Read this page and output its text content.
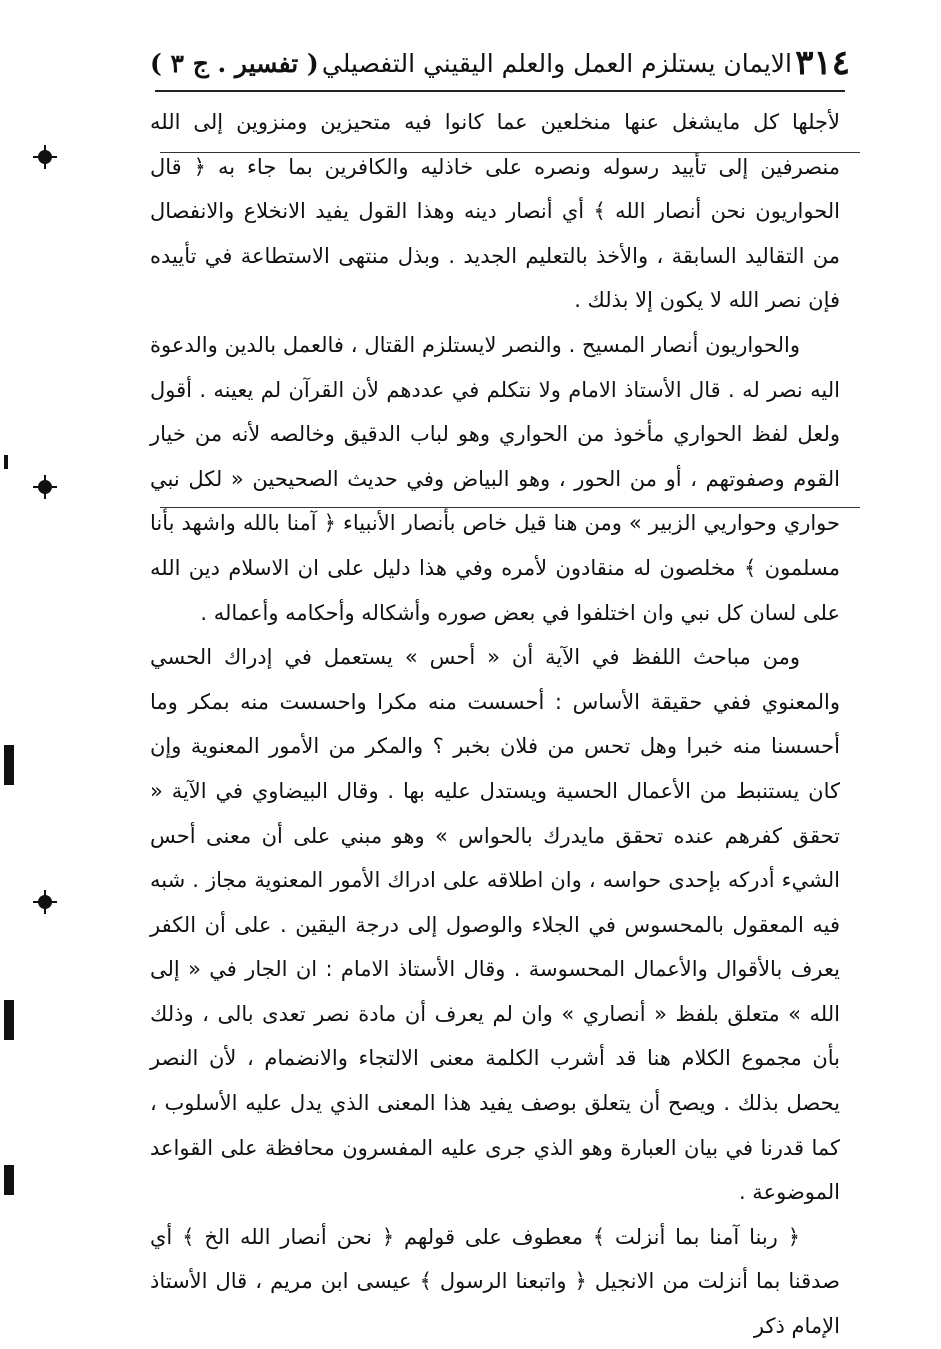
٣١٤
الايمان يستلزم العمل والعلم اليقيني التفصيلي
( تفسير . ج ٣ )

لأجلها كل مايشغل عنها منخلعين عما كانوا فيه متحيزين ومنزوين إلى الله منصرفين إلى تأييد رسوله ونصره على خاذليه والكافرين بما جاء به ﴿ قال الحواريون نحن أنصار الله ﴾ أي أنصار دينه وهذا القول يفيد الانخلاع والانفصال من التقاليد السابقة ، والأخذ بالتعليم الجديد . وبذل منتهى الاستطاعة في تأييده فإن نصر الله لا يكون إلا بذلك .

والحواريون أنصار المسيح . والنصر لايستلزم القتال ، فالعمل بالدين والدعوة اليه نصر له . قال الأستاذ الامام ولا نتكلم في عددهم لأن القرآن لم يعينه . أقول ولعل لفظ الحواري مأخوذ من الحواري وهو لباب الدقيق وخالصه لأنه من خيار القوم وصفوتهم ، أو من الحور ، وهو البياض وفي حديث الصحيحين « لكل نبي حواري وحواريي الزبير » ومن هنا قيل خاص بأنصار الأنبياء ﴿ آمنا بالله واشهد بأنا مسلمون ﴾ مخلصون له منقادون لأمره وفي هذا دليل على ان الاسلام دين الله على لسان كل نبي وان اختلفوا في بعض صوره وأشكاله وأحكامه وأعماله .

ومن مباحث اللفظ في الآية أن « أحس » يستعمل في إدراك الحسي والمعنوي ففي حقيقة الأساس : أحسست منه مكرا واحسست منه بمكر وما أحسسنا منه خبرا وهل تحس من فلان بخبر ؟ والمكر من الأمور المعنوية وإن كان يستنبط من الأعمال الحسية ويستدل عليه بها . وقال البيضاوي في الآية « تحقق كفرهم عنده تحقق مايدرك بالحواس » وهو مبني على أن معنى أحس الشيء أدركه بإحدى حواسه ، وان اطلاقه على ادراك الأمور المعنوية مجاز . شبه فيه المعقول بالمحسوس في الجلاء والوصول إلى درجة اليقين . على أن الكفر يعرف بالأقوال والأعمال المحسوسة . وقال الأستاذ الامام : ان الجار في « إلى الله » متعلق بلفظ « أنصاري » وان لم يعرف أن مادة نصر تعدى بالى ، وذلك بأن مجموع الكلام هنا قد أشرب الكلمة معنى الالتجاء والانضمام ، لأن النصر يحصل بذلك . ويصح أن يتعلق بوصف يفيد هذا المعنى الذي يدل عليه الأسلوب ، كما قدرنا في بيان العبارة وهو الذي جرى عليه المفسرون محافظة على القواعد الموضوعة .

﴿ ربنا آمنا بما أنزلت ﴾ معطوف على قولهم ﴿ نحن أنصار الله الخ ﴾ أي صدقنا بما أنزلت من الانجيل ﴿ واتبعنا الرسول ﴾ عيسى ابن مريم ، قال الأستاذ الإمام ذكر
